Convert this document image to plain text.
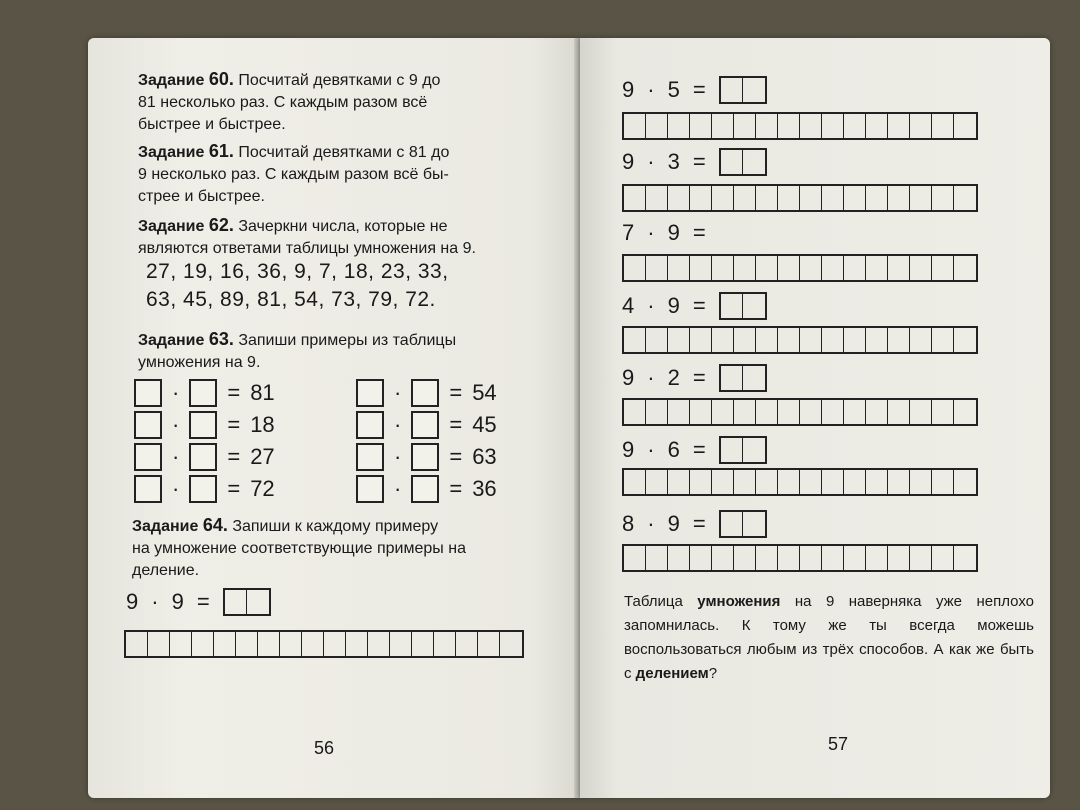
Задание 60. Посчитай девятками с 9 до
81 несколько раз. С каждым разом всё
быстрее и быстрее.
Задание 61. Посчитай девятками с 81 до
9 несколько раз. С каждым разом всё бы-
стрее и быстрее.
Задание 62. Зачеркни числа, которые не
являются ответами таблицы умножения на 9.
27, 19, 16, 36, 9, 7, 18, 23, 33,
63, 45, 89, 81, 54, 73, 79, 72.
Задание 63. Запиши примеры из таблицы
умножения на 9.
· = 81
· = 18
· = 27
· = 72
· = 54
· = 45
· = 63
· = 36
Задание 64. Запиши к каждому примеру
на умножение соответствующие примеры на
деление.
9 · 9 =
56
9 · 5 =
9 · 3 =
7 · 9 =
4 · 9 =
9 · 2 =
9 · 6 =
8 · 9 =
Таблица умножения на 9 наверняка уже неплохо запомнилась. К тому же ты всегда можешь воспользоваться любым из трёх способов. А как же быть с делением?
57
